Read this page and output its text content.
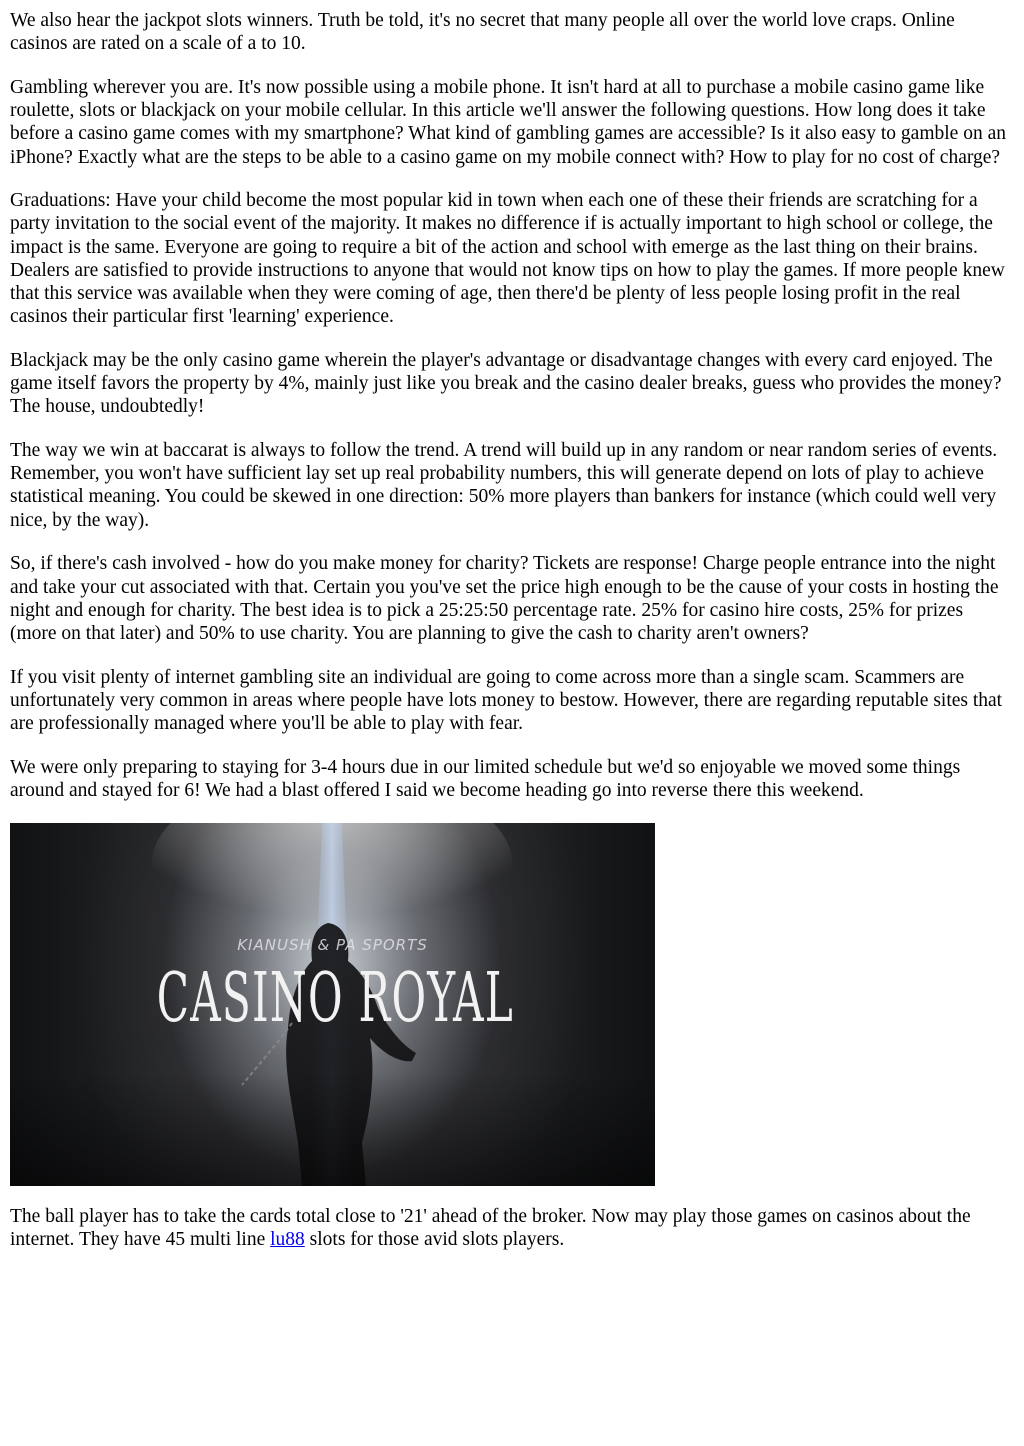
We also hear the jackpot slots winners. Truth be told, it's no secret that many people all over the world love craps. Online casinos are rated on a scale of a to 10.

Gambling wherever you are. It's now possible using a mobile phone. It isn't hard at all to purchase a mobile casino game like roulette, slots or blackjack on your mobile cellular. In this article we'll answer the following questions. How long does it take before a casino game comes with my smartphone? What kind of gambling games are accessible? Is it also easy to gamble on an iPhone? Exactly what are the steps to be able to a casino game on my mobile connect with? How to play for no cost of charge?

Graduations: Have your child become the most popular kid in town when each one of these their friends are scratching for a party invitation to the social event of the majority. It makes no difference if is actually important to high school or college, the impact is the same. Everyone are going to require a bit of the action and school with emerge as the last thing on their brains. Dealers are satisfied to provide instructions to anyone that would not know tips on how to play the games. If more people knew that this service was available when they were coming of age, then there'd be plenty of less people losing profit in the real casinos their particular first 'learning' experience.

Blackjack may be the only casino game wherein the player's advantage or disadvantage changes with every card enjoyed. The game itself favors the property by 4%, mainly just like you break and the casino dealer breaks, guess who provides the money? The house, undoubtedly!

The way we win at baccarat is always to follow the trend. A trend will build up in any random or near random series of events. Remember, you won't have sufficient lay set up real probability numbers, this will generate depend on lots of play to achieve statistical meaning. You could be skewed in one direction: 50% more players than bankers for instance (which could well very nice, by the way).

So, if there's cash involved - how do you make money for charity? Tickets are response! Charge people entrance into the night and take your cut associated with that. Certain you you've set the price high enough to be the cause of your costs in hosting the night and enough for charity. The best idea is to pick a 25:25:50 percentage rate. 25% for casino hire costs, 25% for prizes (more on that later) and 50% to use charity. You are planning to give the cash to charity aren't owners?

If you visit plenty of internet gambling site an individual are going to come across more than a single scam. Scammers are unfortunately very common in areas where people have lots money to bestow. However, there are regarding reputable sites that are professionally managed where you'll be able to play with fear.

We were only preparing to staying for 3-4 hours due in our limited schedule but we'd so enjoyable we moved some things around and stayed for 6! We had a blast offered I said we become heading go into reverse there this weekend.

KIANUSH & PA SPORTS
CASINO ROYAL

The ball player has to take the cards total close to '21' ahead of the broker. Now may play those games on casinos about the internet. They have 45 multi line lu88 slots for those avid slots players.
